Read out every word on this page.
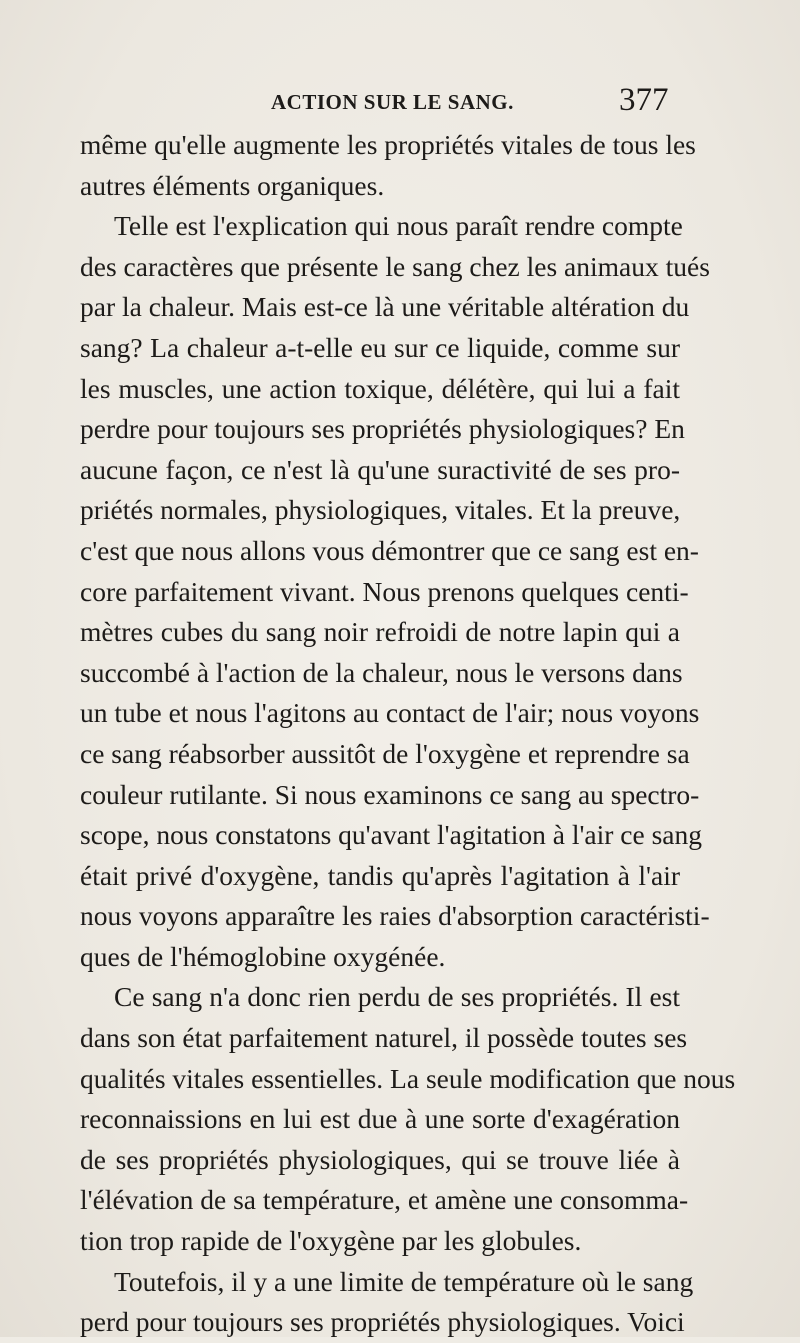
ACTION SUR LE SANG.	377
même qu'elle augmente les propriétés vitales de tous les
autres éléments organiques.
Telle est l'explication qui nous paraît rendre compte
des caractères que présente le sang chez les animaux tués
par la chaleur. Mais est-ce là une véritable altération du
sang? La chaleur a-t-elle eu sur ce liquide, comme sur
les muscles, une action toxique, délétère, qui lui a fait
perdre pour toujours ses propriétés physiologiques? En
aucune façon, ce n'est là qu'une suractivité de ses pro-
priétés normales, physiologiques, vitales. Et la preuve,
c'est que nous allons vous démontrer que ce sang est en-
core parfaitement vivant. Nous prenons quelques centi-
mètres cubes du sang noir refroidi de notre lapin qui a
succombé à l'action de la chaleur, nous le versons dans
un tube et nous l'agitons au contact de l'air; nous voyons
ce sang réabsorber aussitôt de l'oxygène et reprendre sa
couleur rutilante. Si nous examinons ce sang au spectro-
scope, nous constatons qu'avant l'agitation à l'air ce sang
était privé d'oxygène, tandis qu'après l'agitation à l'air
nous voyons apparaître les raies d'absorption caractéristi-
ques de l'hémoglobine oxygénée.
Ce sang n'a donc rien perdu de ses propriétés. Il est
dans son état parfaitement naturel, il possède toutes ses
qualités vitales essentielles. La seule modification que nous
reconnaissions en lui est due à une sorte d'exagération
de ses propriétés physiologiques, qui se trouve liée à
l'élévation de sa température, et amène une consomma-
tion trop rapide de l'oxygène par les globules.
Toutefois, il y a une limite de température où le sang
perd pour toujours ses propriétés physiologiques. Voici
